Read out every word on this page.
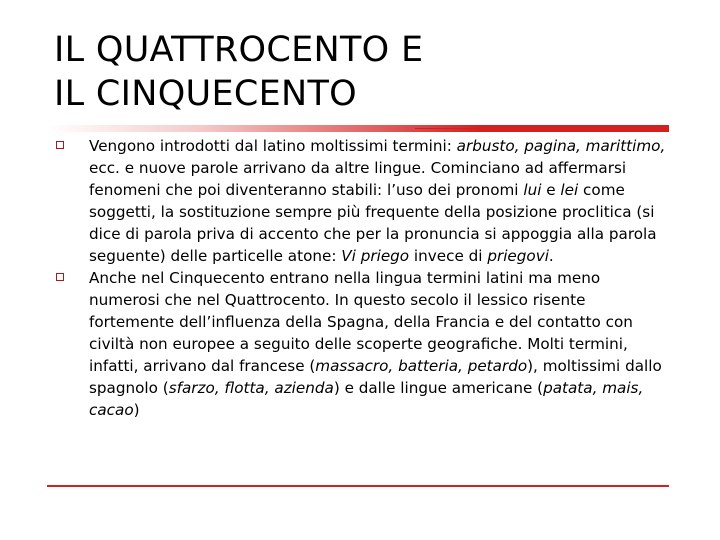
IL QUATTROCENTO E
IL CINQUECENTO
Vengono introdotti dal latino moltissimi termini: arbusto, pagina, marittimo, ecc. e nuove parole arrivano da altre lingue. Cominciano ad affermarsi fenomeni che poi diventeranno stabili: l’uso dei pronomi lui e lei come soggetti, la sostituzione sempre più frequente della posizione proclitica (si dice di parola priva di accento che per la pronuncia si appoggia alla parola seguente) delle particelle atone: Vi priego invece di priegovi.
Anche nel Cinquecento entrano nella lingua termini latini ma meno numerosi che nel Quattrocento. In questo secolo il lessico risente fortemente dell’influenza della Spagna, della Francia e del contatto con civiltà non europee a seguito delle scoperte geografiche. Molti termini, infatti, arrivano dal francese (massacro, batteria, petardo), moltissimi dallo spagnolo (sfarzo, flotta, azienda) e dalle lingue americane (patata, mais, cacao)
